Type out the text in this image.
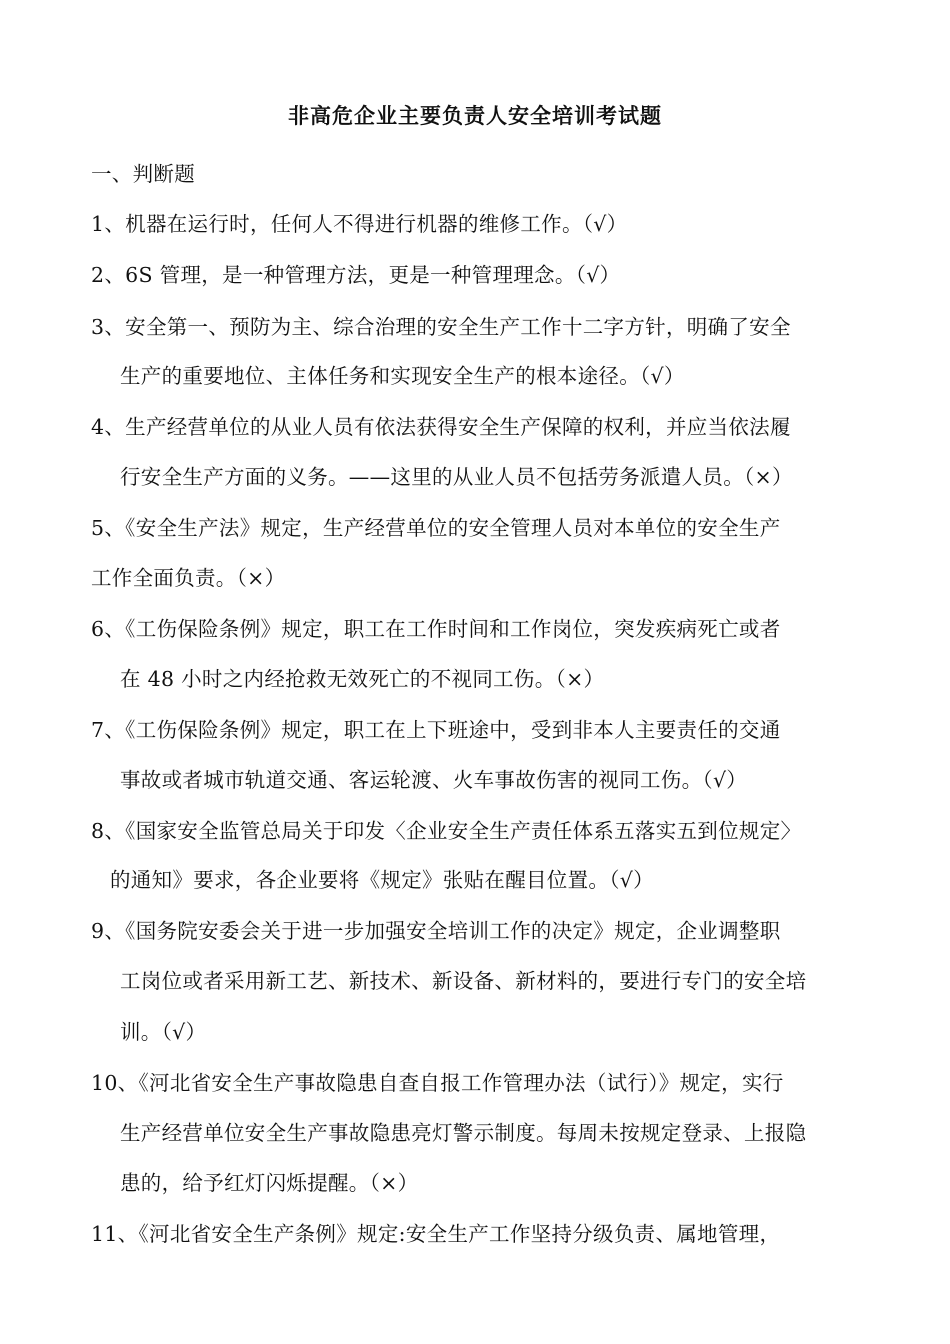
非高危企业主要负责人安全培训考试题
一、判断题
1、机器在运行时，任何人不得进行机器的维修工作。（√）
2、6S 管理，是一种管理方法，更是一种管理理念。（√）
3、安全第一、预防为主、综合治理的安全生产工作十二字方针，明确了安全
生产的重要地位、主体任务和实现安全生产的根本途径。（√）
4、生产经营单位的从业人员有依法获得安全生产保障的权利，并应当依法履
行安全生产方面的义务。——这里的从业人员不包括劳务派遣人员。（×）
5、《安全生产法》规定，生产经营单位的安全管理人员对本单位的安全生产
工作全面负责。（×）
6、《工伤保险条例》规定，职工在工作时间和工作岗位，突发疾病死亡或者
在 48 小时之内经抢救无效死亡的不视同工伤。（×）
7、《工伤保险条例》规定，职工在上下班途中，受到非本人主要责任的交通
事故或者城市轨道交通、客运轮渡、火车事故伤害的视同工伤。（√）
8、《国家安全监管总局关于印发〈企业安全生产责任体系五落实五到位规定〉
的通知》要求，各企业要将《规定》张贴在醒目位置。（√）
9、《国务院安委会关于进一步加强安全培训工作的决定》规定，企业调整职
工岗位或者采用新工艺、新技术、新设备、新材料的，要进行专门的安全培
训。（√）
10、《河北省安全生产事故隐患自查自报工作管理办法（试行）》规定，实行
生产经营单位安全生产事故隐患亮灯警示制度。每周未按规定登录、上报隐
患的，给予红灯闪烁提醒。（×）
11、《河北省安全生产条例》规定:安全生产工作坚持分级负责、属地管理，
